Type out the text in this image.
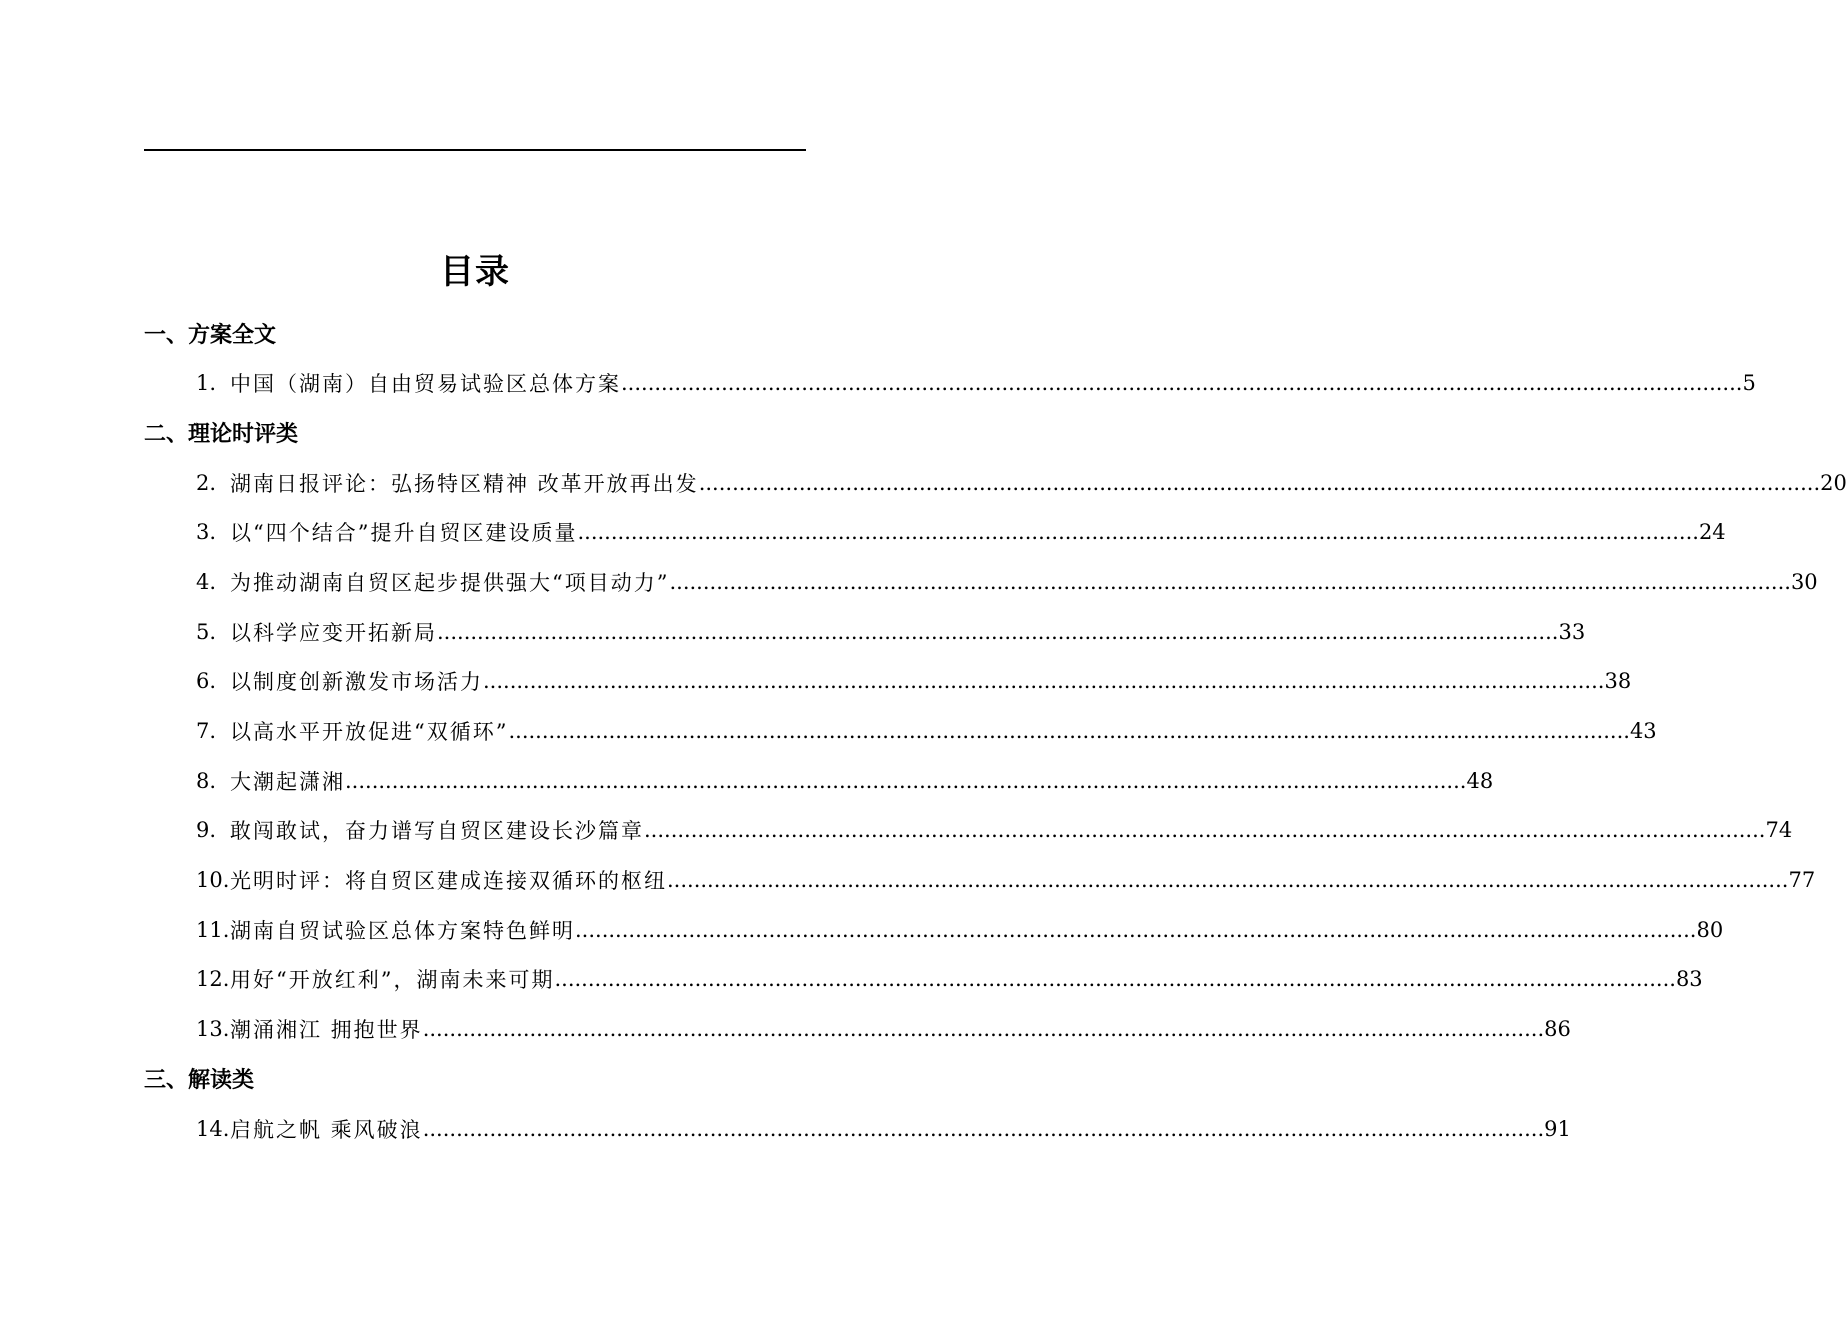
目录
一、方案全文
1. 中国（湖南）自由贸易试验区总体方案 .....	5
二、理论时评类
2. 湖南日报评论：弘扬特区精神 改革开放再出发 .....	20
3. 以“四个结合”提升自贸区建设质量 .....	24
4. 为推动湖南自贸区起步提供强大“项目动力” .....	30
5. 以科学应变开拓新局 .....	33
6. 以制度创新激发市场活力 .....	38
7. 以高水平开放促进“双循环” .....	43
8. 大潮起潇湘 .....	48
9. 敢闯敢试，奋力谱写自贸区建设长沙篇章 .....	74
10. 光明时评：将自贸区建成连接双循环的枢纽 .....	77
11. 湖南自贸试验区总体方案特色鲜明 .....	80
12. 用好“开放红利”，湖南未来可期 .....	83
13. 潮涌湘江 拥抱世界 .....	86
三、解读类
14. 启航之帆 乘风破浪 .....	91
